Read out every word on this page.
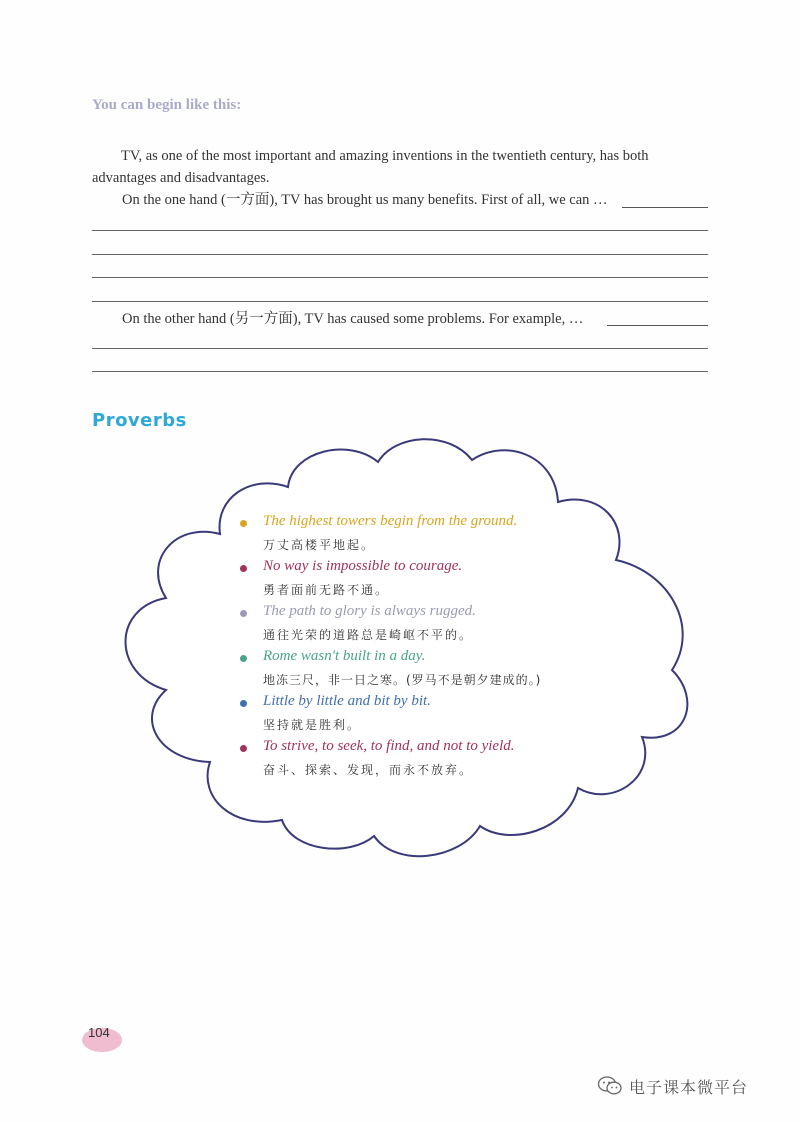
You can begin like this:
TV, as one of the most important and amazing inventions in the twentieth century, has both advantages and disadvantages.
On the one hand (一方面), TV has brought us many benefits. First of all, we can …
On the other hand (另一方面), TV has caused some problems. For example, …
Proverbs
The highest towers begin from the ground.
万丈高楼平地起。
No way is impossible to courage.
勇者面前无路不通。
The path to glory is always rugged.
通往光荣的道路总是崎岖不平的。
Rome wasn't built in a day.
地冻三尺，非一日之寒。(罗马不是朝夕建成的。)
Little by little and bit by bit.
坚持就是胜利。
To strive, to seek, to find, and not to yield.
奋斗、探索、发现，而永不放弃。
104
电子课本微平台
